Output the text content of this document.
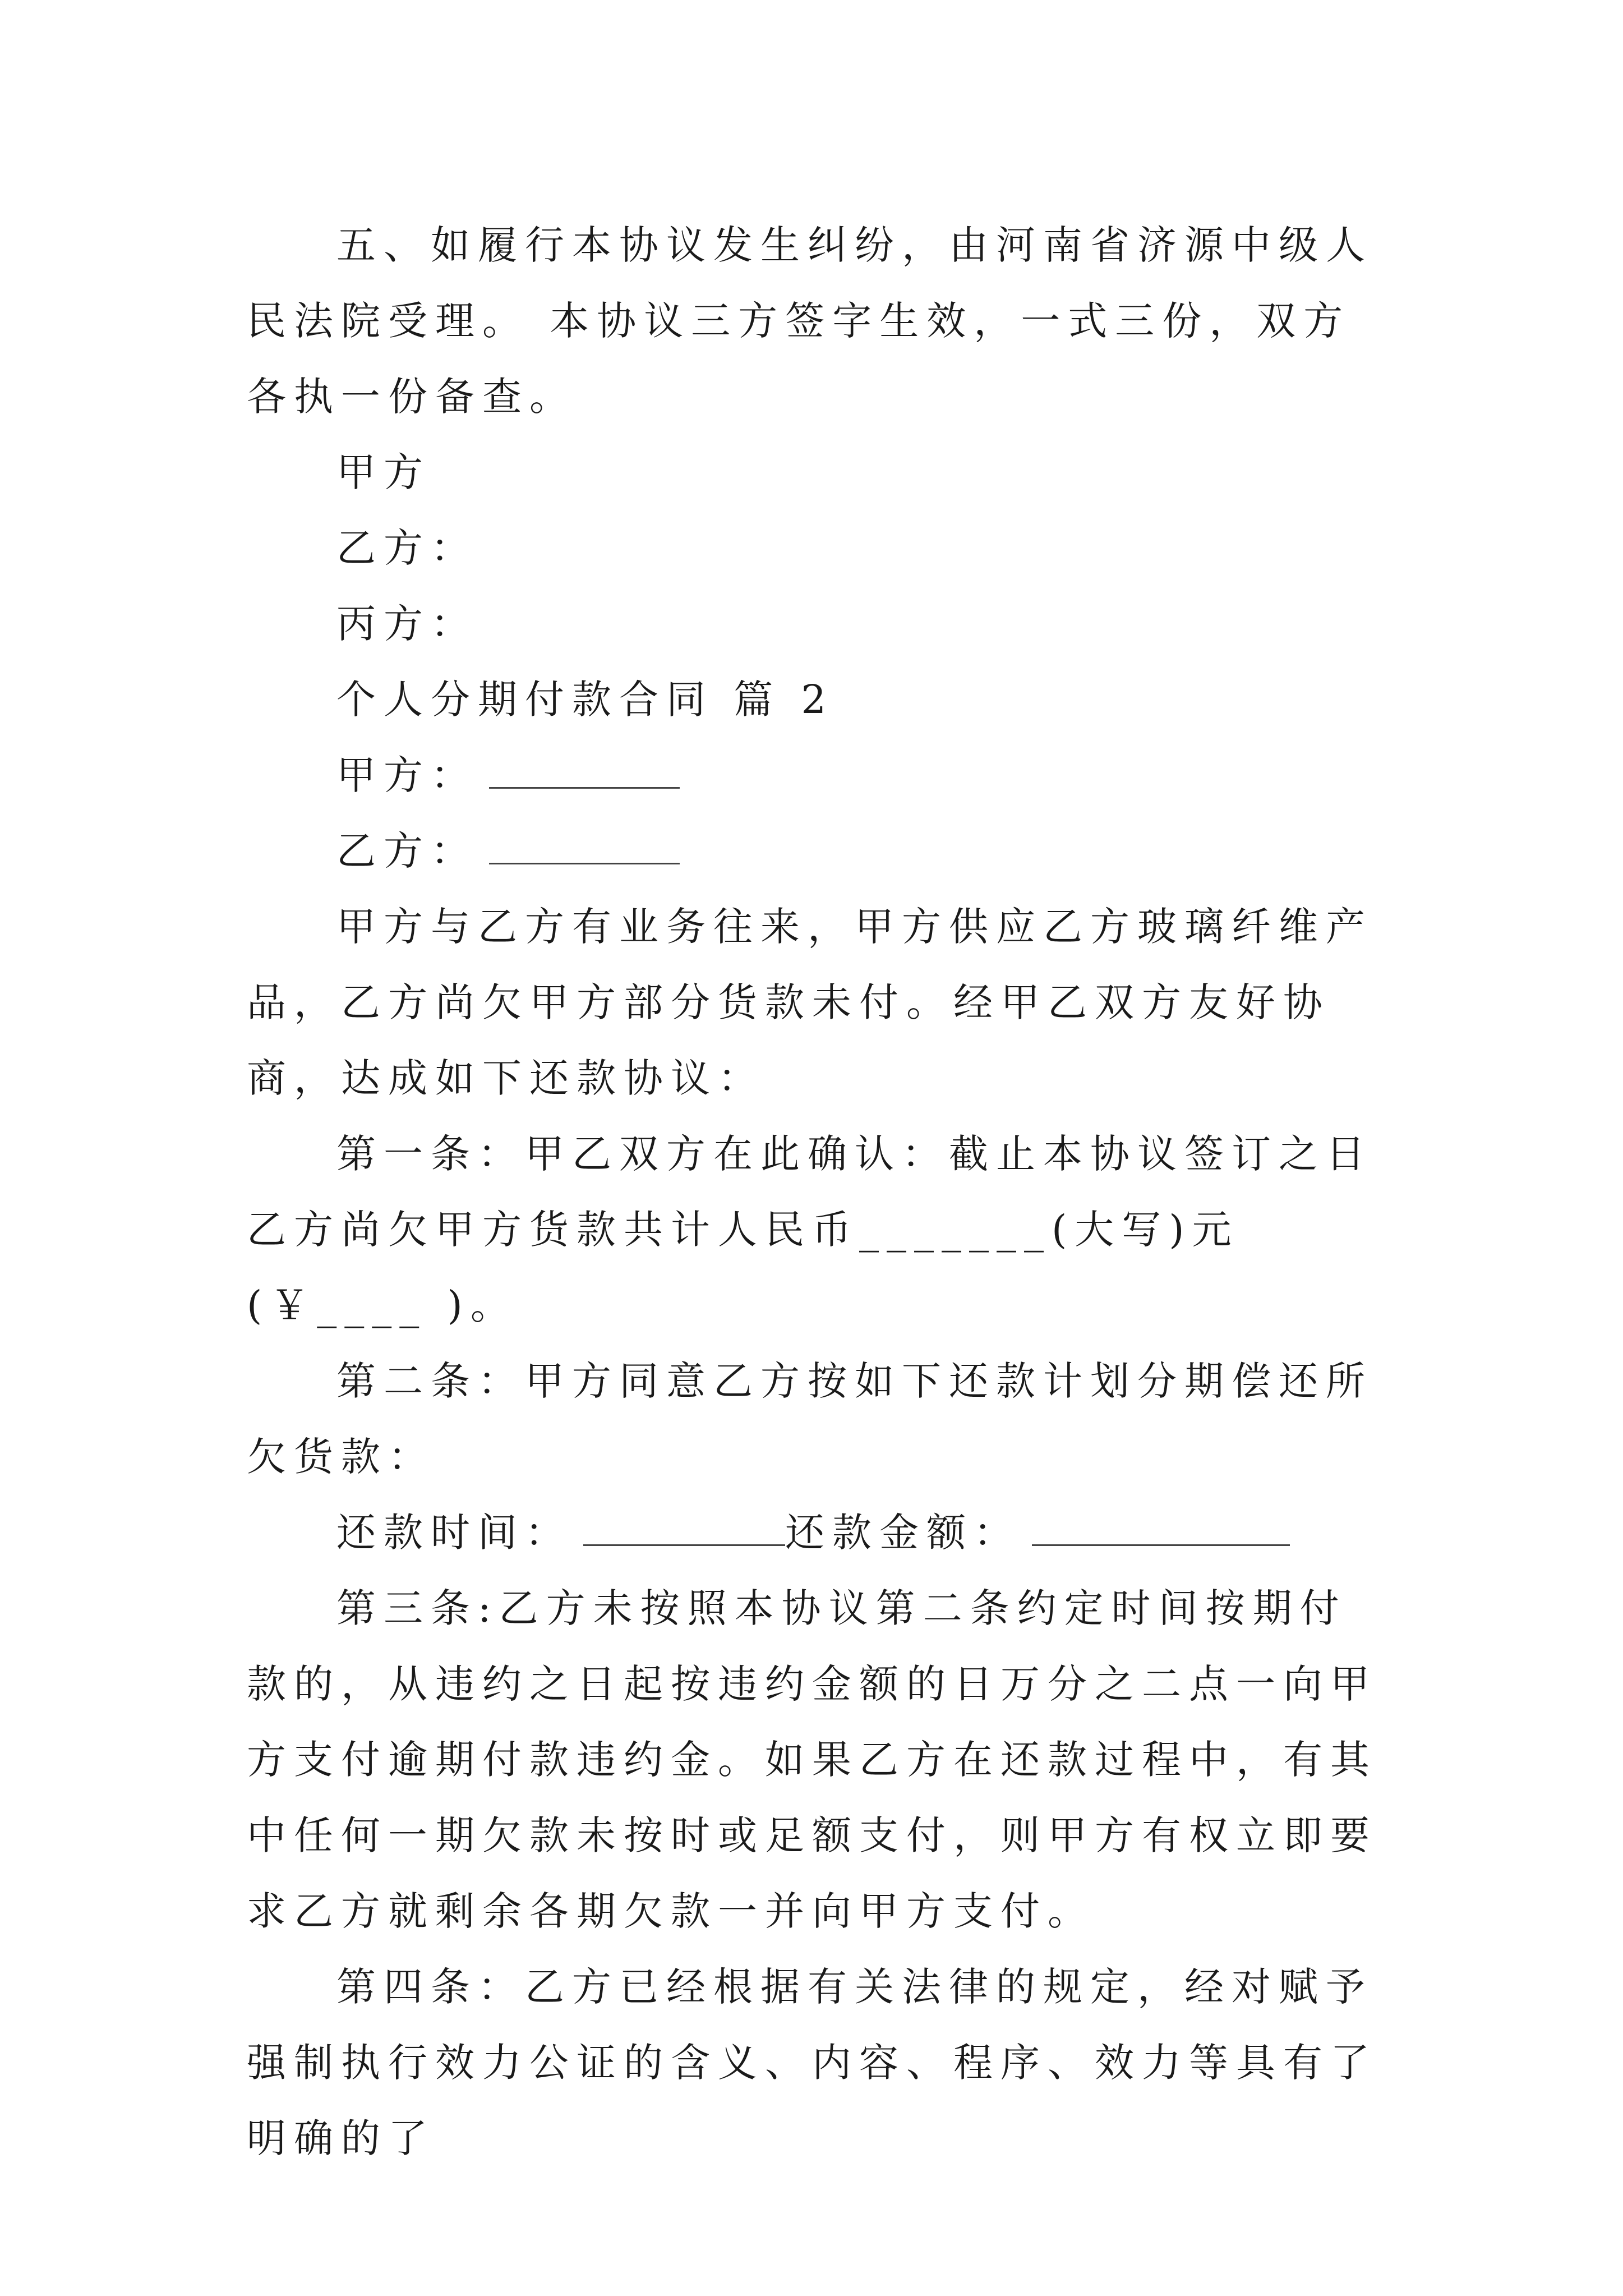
五、如履行本协议发生纠纷，由河南省济源中级人民法院受理。 本协议三方签字生效，一式三份，双方各执一份备查。

甲方

乙方：

丙方：

个人分期付款合同 篇 2

甲方：

乙方：

甲方与乙方有业务往来，甲方供应乙方玻璃纤维产品，乙方尚欠甲方部分货款未付。经甲乙双方友好协商，达成如下还款协议：

第一条：甲乙双方在此确认：截止本协议签订之日乙方尚欠甲方货款共计人民币_______(大写)元(￥____ )。

第二条：甲方同意乙方按如下还款计划分期偿还所欠货款：

还款时间：	还款金额：

第三条:乙方未按照本协议第二条约定时间按期付款的，从违约之日起按违约金额的日万分之二点一向甲方支付逾期付款违约金。如果乙方在还款过程中，有其中任何一期欠款未按时或足额支付，则甲方有权立即要求乙方就剩余各期欠款一并向甲方支付。

第四条：乙方已经根据有关法律的规定，经对赋予强制执行效力公证的含义、内容、程序、效力等具有了明确的了
